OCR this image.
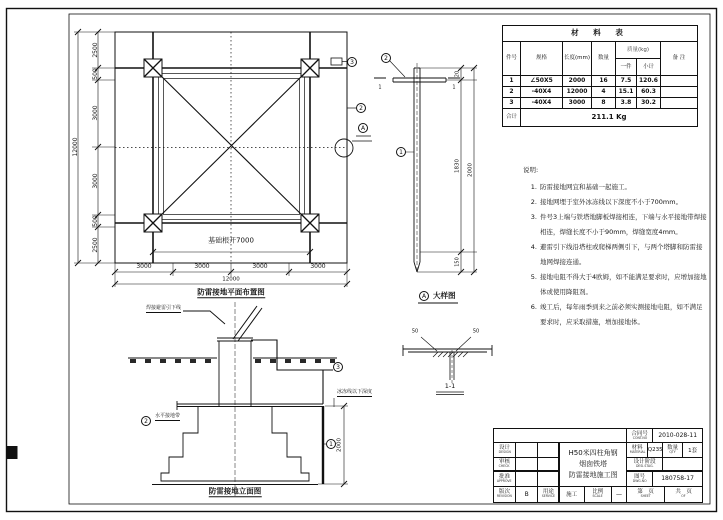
2500
500
3000
3000
500
2500
12000
3000	3000	3000	3000
12000
基础根开7000
防雷接地平面布置图
3
2
A
2
1
1	1
20
1830
150
2000
A 大样图
50	50
1-1
焊接避雷引下线
水平接地带
冰冻线以下深度
2
3
1 2000
防雷接地立面图
材 料 表						
件号	规格	长度(mm)	数量	质量(kg)		备 注
				一件	小计	
1	∠50X5	2000	16	7.5	120.6	
2	-40X4	12000	4	15.1	60.3	
3	-40X4	3000	8	3.8	30.2	
合计	211.1 Kg					
说明:
1. 防雷接地网宜和基础一起施工。
2. 接地网埋于室外冰冻线以下深度不小于700mm。
3. 件号3上端与铁塔地脚板焊接相连，下端与水平接地带焊接相连，焊缝长度不小于90mm，焊缝宽度4mm。
4. 避雷引下线沿塔柱或爬梯两侧引下，与两个塔脚和防雷接地网焊接连通。
5. 接地电阻不得大于4欧姆，如不能满足要求时，应增加接地体或使用降阻剂。
6. 竣工后，每年雨季到来之前必须实测接地电阻，如不满足要求时，应采取措施，增加接地体。
合同号
CONT.NO 2010-028-11
设计
DESIGN
审核
CHECK
批准
APPROVE
H50米四柱角钢
烟囱铁塔
防雷接地施工图
材料
MATERIAL Q235 数量
QTY 1套
设计阶段
DESI.STAG.
图号
DWG.NO 180758-17
版次
REVISION B	用途
SERVICE 施工	比例
SCALE —	第　页
SHEET
共　页
OF
